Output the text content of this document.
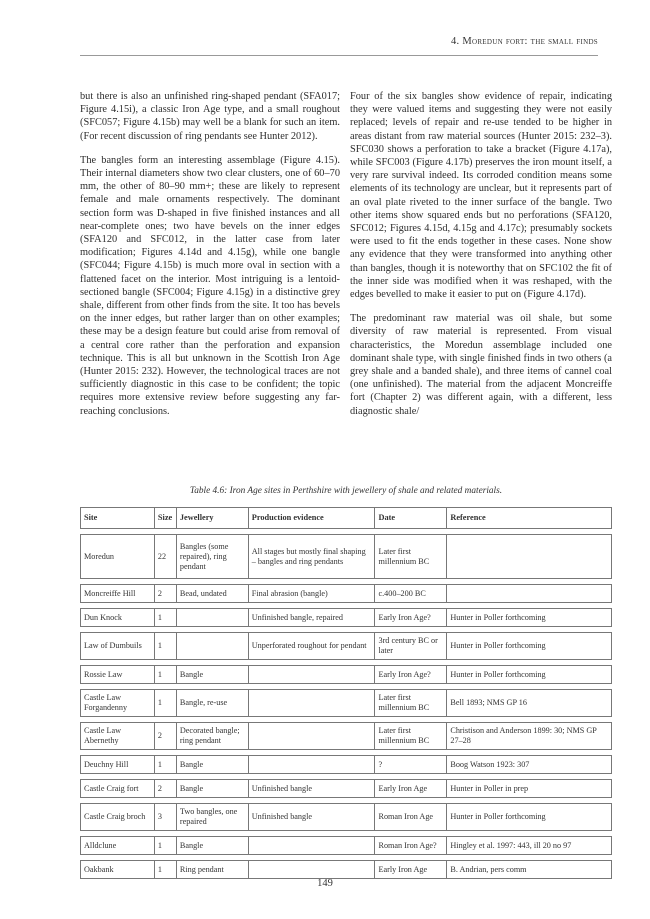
4. Moredun fort: the small finds

but there is also an unfinished ring-shaped pendant (SFA017; Figure 4.15i), a classic Iron Age type, and a small roughout (SFC057; Figure 4.15b) may well be a blank for such an item. (For recent discussion of ring pendants see Hunter 2012).

The bangles form an interesting assemblage (Figure 4.15). Their internal diameters show two clear clusters, one of 60–70 mm, the other of 80–90 mm+; these are likely to represent female and male ornaments respectively. The dominant section form was D-shaped in five finished instances and all near-complete ones; two have bevels on the inner edges (SFA120 and SFC012, in the latter case from later modification; Figures 4.14d and 4.15g), while one bangle (SFC044; Figure 4.15b) is much more oval in section with a flattened facet on the interior. Most intriguing is a lentoid-sectioned bangle (SFC004; Figure 4.15g) in a distinctive grey shale, different from other finds from the site. It too has bevels on the inner edges, but rather larger than on other examples; these may be a design feature but could arise from removal of a central core rather than the perforation and expansion technique. This is all but unknown in the Scottish Iron Age (Hunter 2015: 232). However, the technological traces are not sufficiently diagnostic in this case to be confident; the topic requires more extensive review before suggesting any far-reaching conclusions.

Four of the six bangles show evidence of repair, indicating they were valued items and suggesting they were not easily replaced; levels of repair and re-use tended to be higher in areas distant from raw material sources (Hunter 2015: 232–3). SFC030 shows a perforation to take a bracket (Figure 4.17a), while SFC003 (Figure 4.17b) preserves the iron mount itself, a very rare survival indeed. Its corroded condition means some elements of its technology are unclear, but it represents part of an oval plate riveted to the inner surface of the bangle. Two other items show squared ends but no perforations (SFA120, SFC012; Figures 4.15d, 4.15g and 4.17c); presumably sockets were used to fit the ends together in these cases. None show any evidence that they were transformed into anything other than bangles, though it is noteworthy that on SFC102 the fit of the inner side was modified when it was reshaped, with the edges bevelled to make it easier to put on (Figure 4.17d).

The predominant raw material was oil shale, but some diversity of raw material is represented. From visual characteristics, the Moredun assemblage included one dominant shale type, with single finished finds in two others (a grey shale and a banded shale), and three items of cannel coal (one unfinished). The material from the adjacent Moncreiffe fort (Chapter 2) was different again, with a different, less diagnostic shale/

Table 4.6: Iron Age sites in Perthshire with jewellery of shale and related materials.
Site	Size	Jewellery	Production evidence	Date	Reference

Moredun	22	Bangles (some repaired), ring pendant	All stages but mostly final shaping – bangles and ring pendants	Later first millennium BC	

Moncreiffe Hill	2	Bead, undated	Final abrasion (bangle)	c.400–200 BC	

Dun Knock	1		Unfinished bangle, repaired	Early Iron Age?	Hunter in Poller forthcoming

Law of Dumbuils	1		Unperforated roughout for pendant	3rd century BC or later	Hunter in Poller forthcoming

Rossie Law	1	Bangle		Early Iron Age?	Hunter in Poller forthcoming

Castle Law Forgandenny	1	Bangle, re-use		Later first millennium BC	Bell 1893; NMS GP 16

Castle Law Abernethy	2	Decorated bangle; ring pendant		Later first millennium BC	Christison and Anderson 1899: 30; NMS GP 27–28

Deuchny Hill	1	Bangle		?	Boog Watson 1923: 307

Castle Craig fort	2	Bangle	Unfinished bangle	Early Iron Age	Hunter in Poller in prep

Castle Craig broch	3	Two bangles, one repaired	Unfinished bangle	Roman Iron Age	Hunter in Poller forthcoming

Alldclune	1	Bangle		Roman Iron Age?	Hingley et al. 1997: 443, ill 20 no 97

Oakbank	1	Ring pendant		Early Iron Age	B. Andrian, pers comm
149
